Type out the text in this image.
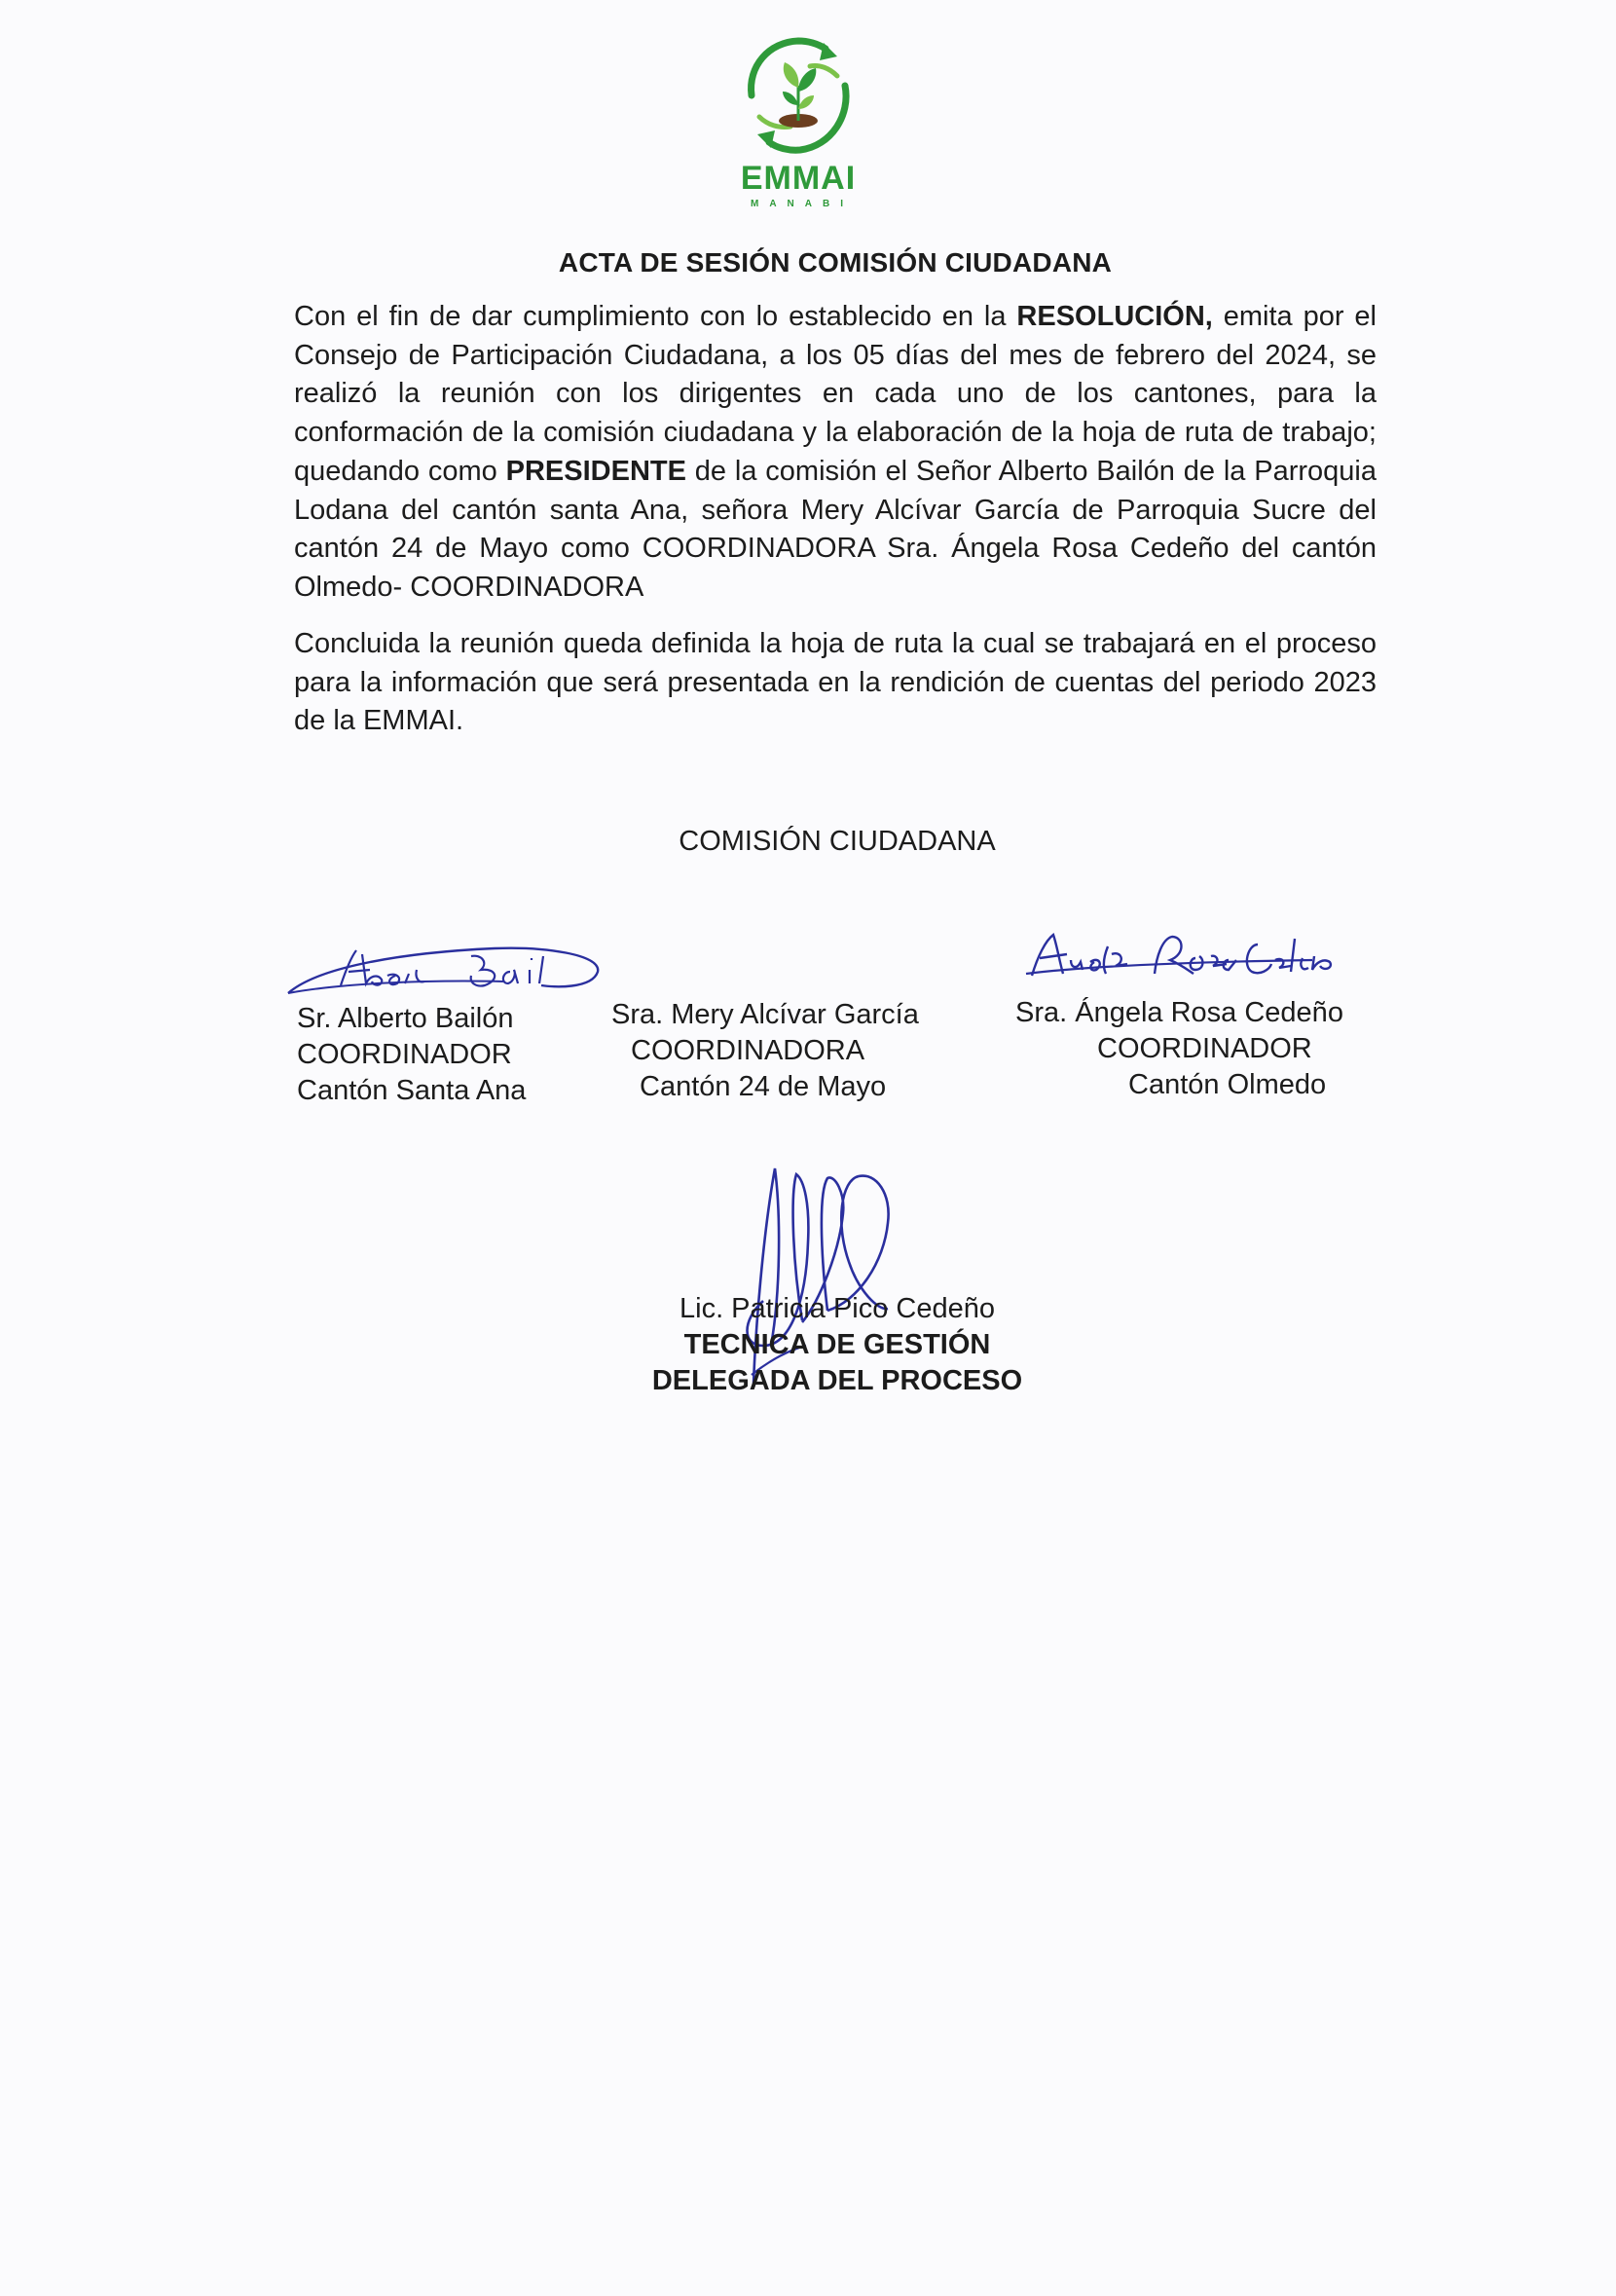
EMMAI
MANABI
ACTA DE SESIÓN COMISIÓN CIUDADANA
Con el fin de dar cumplimiento con lo establecido en la RESOLUCIÓN, emita por el Consejo de Participación Ciudadana, a los 05 días del mes de febrero del 2024, se realizó la reunión con los dirigentes en cada uno de los cantones, para la conformación de la comisión ciudadana y la elaboración de la hoja de ruta de trabajo; quedando como PRESIDENTE de la comisión el Señor Alberto Bailón de la Parroquia Lodana del cantón santa Ana, señora Mery Alcívar García de Parroquia Sucre del cantón 24 de Mayo como COORDINADORA Sra. Ángela Rosa Cedeño del cantón Olmedo- COORDINADORA
Concluida la reunión queda definida la hoja de ruta la cual se trabajará en el proceso para la información que será presentada en la rendición de cuentas del periodo 2023 de la EMMAI.
COMISIÓN CIUDADANA
Sr. Alberto Bailón
COORDINADOR
Cantón Santa Ana
Sra. Mery Alcívar García
COORDINADORA
Cantón 24 de Mayo
Sra. Ángela Rosa Cedeño
COORDINADOR
Cantón Olmedo
Lic. Patricia Pico Cedeño
TECNICA DE GESTIÓN
DELEGADA DEL PROCESO
